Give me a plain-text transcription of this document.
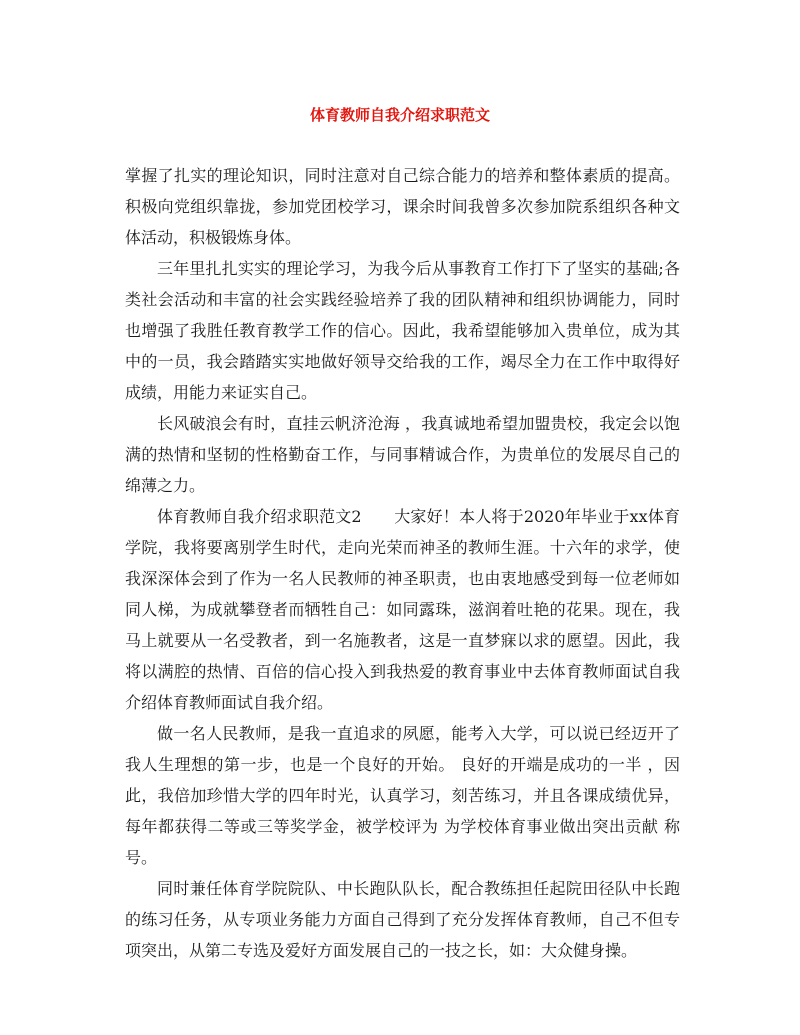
体育教师自我介绍求职范文

掌握了扎实的理论知识，同时注意对自己综合能力的培养和整体素质的提高。积极向党组织靠拢，参加党团校学习，课余时间我曾多次参加院系组织各种文体活动，积极锻炼身体。

三年里扎扎实实的理论学习，为我今后从事教育工作打下了坚实的基础;各类社会活动和丰富的社会实践经验培养了我的团队精神和组织协调能力，同时也增强了我胜任教育教学工作的信心。因此，我希望能够加入贵单位，成为其中的一员，我会踏踏实实地做好领导交给我的工作，竭尽全力在工作中取得好成绩，用能力来证实自己。

长风破浪会有时，直挂云帆济沧海 ，我真诚地希望加盟贵校，我定会以饱满的热情和坚韧的性格勤奋工作，与同事精诚合作，为贵单位的发展尽自己的绵薄之力。

体育教师自我介绍求职范文2　　大家好！本人将于2020年毕业于xx体育学院，我将要离别学生时代，走向光荣而神圣的教师生涯。十六年的求学，使我深深体会到了作为一名人民教师的神圣职责，也由衷地感受到每一位老师如同人梯，为成就攀登者而牺牲自己：如同露珠，滋润着吐艳的花果。现在，我马上就要从一名受教者，到一名施教者，这是一直梦寐以求的愿望。因此，我将以满腔的热情、百倍的信心投入到我热爱的教育事业中去体育教师面试自我介绍体育教师面试自我介绍。

做一名人民教师，是我一直追求的夙愿，能考入大学，可以说已经迈开了我人生理想的第一步，也是一个良好的开始。 良好的开端是成功的一半 ，因此，我倍加珍惜大学的四年时光，认真学习，刻苦练习，并且各课成绩优异，每年都获得二等或三等奖学金，被学校评为 为学校体育事业做出突出贡献 称号。

同时兼任体育学院院队、中长跑队队长，配合教练担任起院田径队中长跑的练习任务，从专项业务能力方面自己得到了充分发挥体育教师，自己不但专项突出，从第二专选及爱好方面发展自己的一技之长，如：大众健身操。
